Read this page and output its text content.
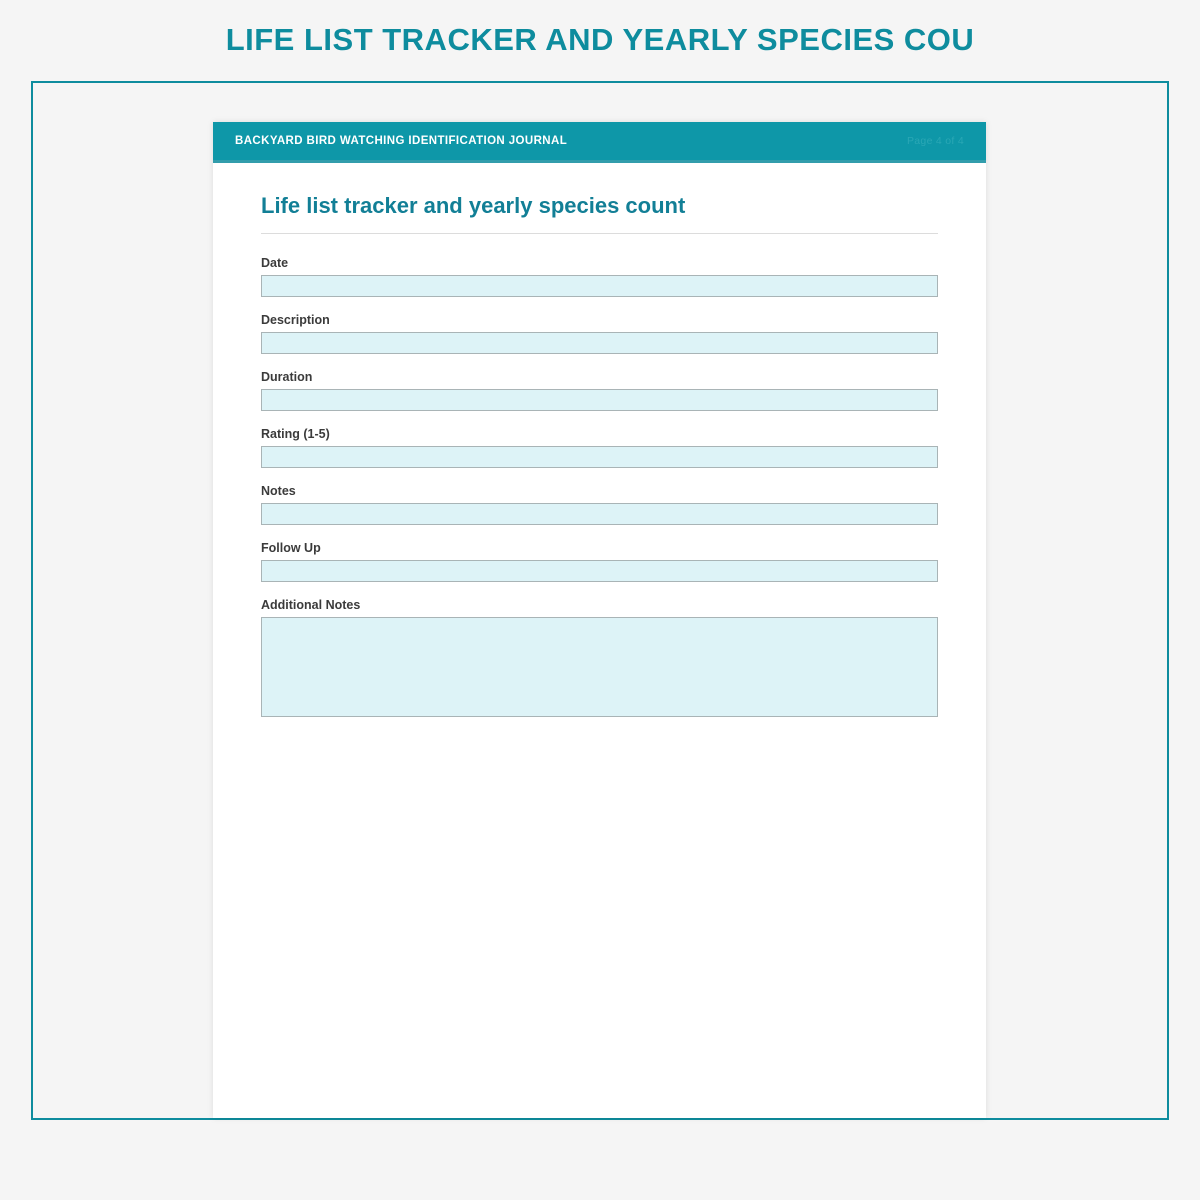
LIFE LIST TRACKER AND YEARLY SPECIES COU
BACKYARD BIRD WATCHING IDENTIFICATION JOURNAL	Page 4 of 4
Life list tracker and yearly species count
Date
Description
Duration
Rating (1-5)
Notes
Follow Up
Additional Notes
